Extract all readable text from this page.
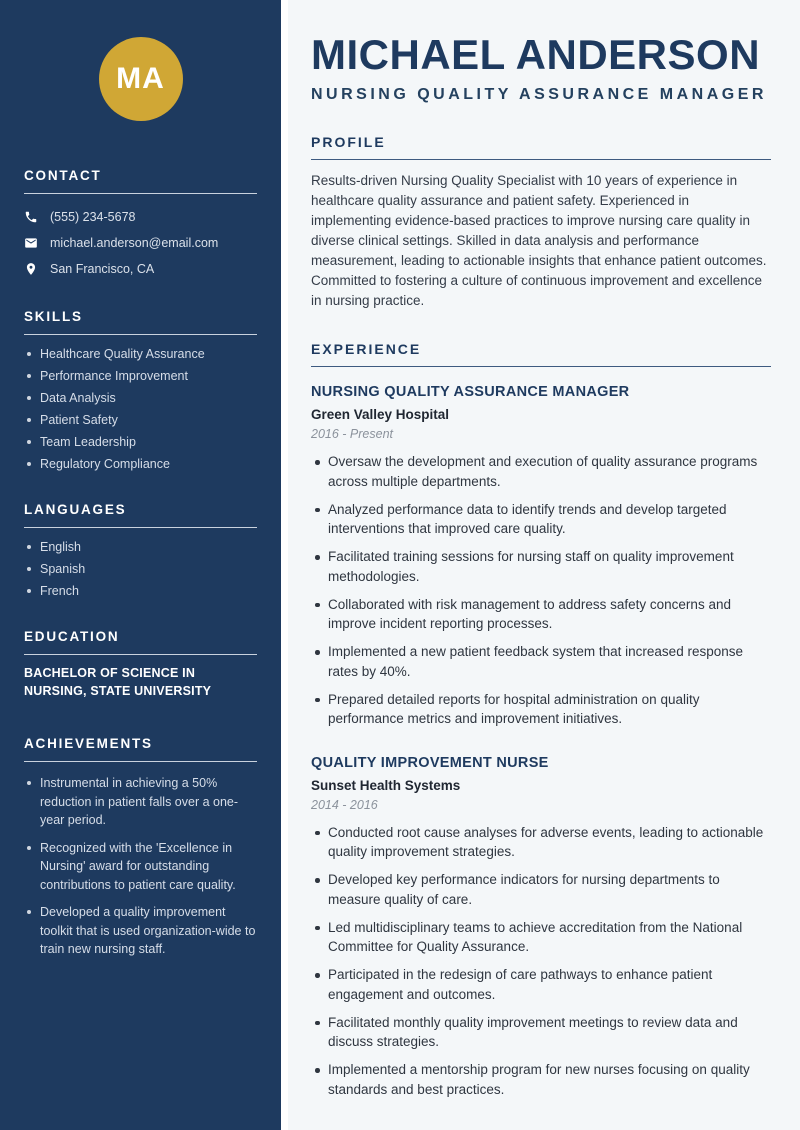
MA
CONTACT
(555) 234-5678
michael.anderson@email.com
San Francisco, CA
SKILLS
Healthcare Quality Assurance
Performance Improvement
Data Analysis
Patient Safety
Team Leadership
Regulatory Compliance
LANGUAGES
English
Spanish
French
EDUCATION
BACHELOR OF SCIENCE IN NURSING, STATE UNIVERSITY
ACHIEVEMENTS
Instrumental in achieving a 50% reduction in patient falls over a one-year period.
Recognized with the 'Excellence in Nursing' award for outstanding contributions to patient care quality.
Developed a quality improvement toolkit that is used organization-wide to train new nursing staff.
MICHAEL ANDERSON
NURSING QUALITY ASSURANCE MANAGER
PROFILE

Results-driven Nursing Quality Specialist with 10 years of experience in healthcare quality assurance and patient safety. Experienced in implementing evidence-based practices to improve nursing care quality in diverse clinical settings. Skilled in data analysis and performance measurement, leading to actionable insights that enhance patient outcomes. Committed to fostering a culture of continuous improvement and excellence in nursing practice.

EXPERIENCE
NURSING QUALITY ASSURANCE MANAGER
Green Valley Hospital
2016 - Present
Oversaw the development and execution of quality assurance programs across multiple departments.
Analyzed performance data to identify trends and develop targeted interventions that improved care quality.
Facilitated training sessions for nursing staff on quality improvement methodologies.
Collaborated with risk management to address safety concerns and improve incident reporting processes.
Implemented a new patient feedback system that increased response rates by 40%.
Prepared detailed reports for hospital administration on quality performance metrics and improvement initiatives.
QUALITY IMPROVEMENT NURSE
Sunset Health Systems
2014 - 2016
Conducted root cause analyses for adverse events, leading to actionable quality improvement strategies.
Developed key performance indicators for nursing departments to measure quality of care.
Led multidisciplinary teams to achieve accreditation from the National Committee for Quality Assurance.
Participated in the redesign of care pathways to enhance patient engagement and outcomes.
Facilitated monthly quality improvement meetings to review data and discuss strategies.
Implemented a mentorship program for new nurses focusing on quality standards and best practices.
